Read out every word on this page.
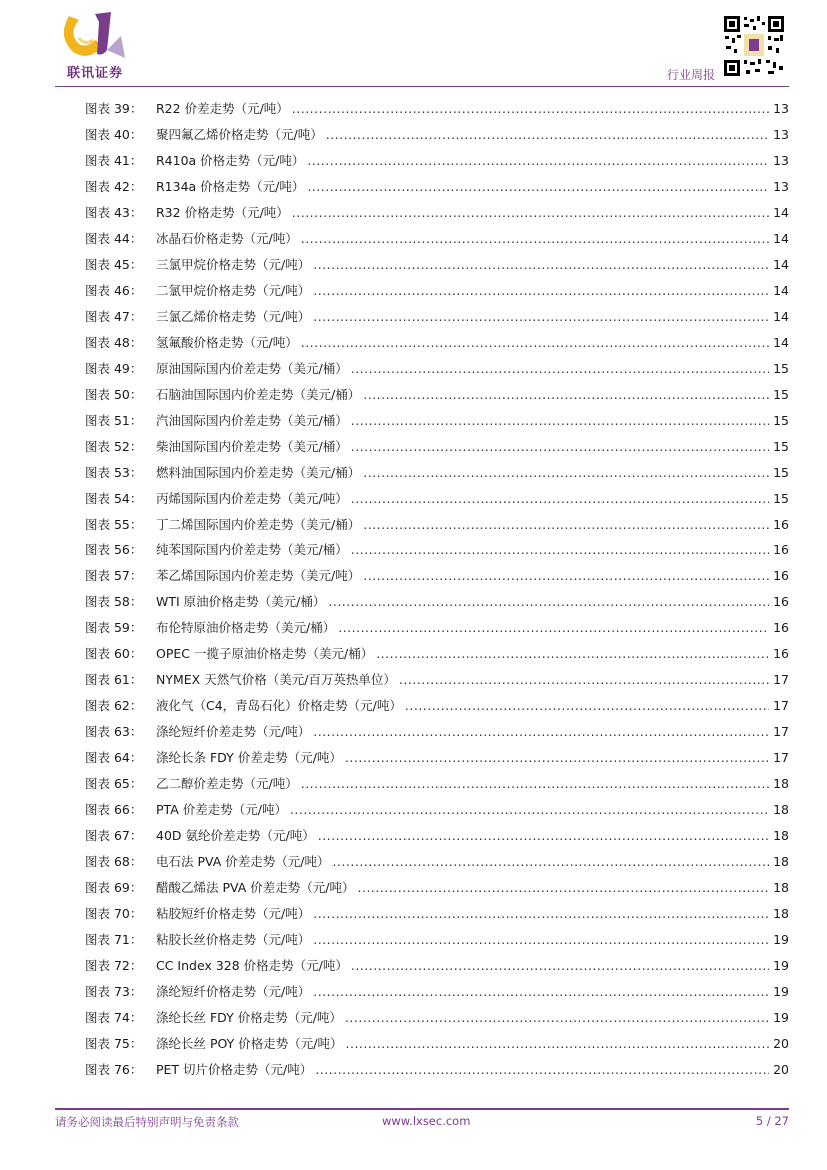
联讯证券	行业周报
图表 39：	R22 价差走势（元/吨） .....	13
图表 40：	聚四氟乙烯价格走势（元/吨） .....	13
图表 41：	R410a 价格走势（元/吨） .....	13
图表 42：	R134a 价格走势（元/吨） .....	13
图表 43：	R32 价格走势（元/吨） .....	14
图表 44：	冰晶石价格走势（元/吨） .....	14
图表 45：	三氯甲烷价格走势（元/吨） .....	14
图表 46：	二氯甲烷价格走势（元/吨） .....	14
图表 47：	三氯乙烯价格走势（元/吨） .....	14
图表 48：	氢氟酸价格走势（元/吨） .....	14
图表 49：	原油国际国内价差走势（美元/桶） .....	15
图表 50：	石脑油国际国内价差走势（美元/桶） .....	15
图表 51：	汽油国际国内价差走势（美元/桶） .....	15
图表 52：	柴油国际国内价差走势（美元/桶） .....	15
图表 53：	燃料油国际国内价差走势（美元/桶） .....	15
图表 54：	丙烯国际国内价差走势（美元/吨） .....	15
图表 55：	丁二烯国际国内价差走势（美元/桶） .....	16
图表 56：	纯苯国际国内价差走势（美元/桶） .....	16
图表 57：	苯乙烯国际国内价差走势（美元/吨） .....	16
图表 58：	WTI 原油价格走势（美元/桶） .....	16
图表 59：	布伦特原油价格走势（美元/桶） .....	16
图表 60：	OPEC 一揽子原油价格走势（美元/桶） .....	16
图表 61：	NYMEX 天然气价格（美元/百万英热单位） .....	17
图表 62：	液化气（C4，青岛石化）价格走势（元/吨） .....	17
图表 63：	涤纶短纤价差走势（元/吨） .....	17
图表 64：	涤纶长条 FDY 价差走势（元/吨） .....	17
图表 65：	乙二醇价差走势（元/吨） .....	18
图表 66：	PTA 价差走势（元/吨） .....	18
图表 67：	40D 氨纶价差走势（元/吨） .....	18
图表 68：	电石法 PVA 价差走势（元/吨） .....	18
图表 69：	醋酸乙烯法 PVA 价差走势（元/吨） .....	18
图表 70：	粘胶短纤价格走势（元/吨） .....	18
图表 71：	粘胶长丝价格走势（元/吨） .....	19
图表 72：	CC Index 328 价格走势（元/吨） .....	19
图表 73：	涤纶短纤价格走势（元/吨） .....	19
图表 74：	涤纶长丝 FDY 价格走势（元/吨） .....	19
图表 75：	涤纶长丝 POY 价格走势（元/吨） .....	20
图表 76：	PET 切片价格走势（元/吨） .....	20
请务必阅读最后特别声明与免责条款	www.lxsec.com	5 / 27
